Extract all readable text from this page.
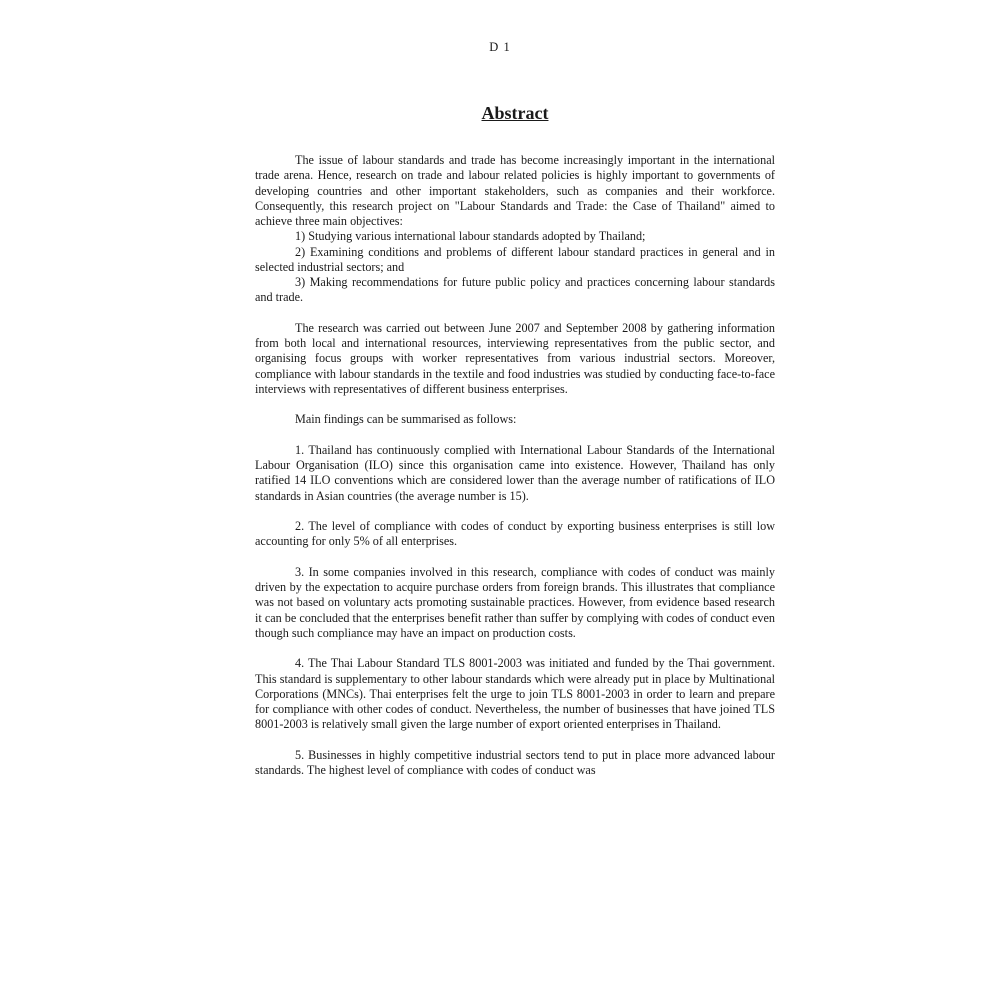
D 1

Abstract

The issue of labour standards and trade has become increasingly important in the international trade arena. Hence, research on trade and labour related policies is highly important to governments of developing countries and other important stakeholders, such as companies and their workforce. Consequently, this research project on "Labour Standards and Trade: the Case of Thailand" aimed to achieve three main objectives:

1) Studying various international labour standards adopted by Thailand;

2) Examining conditions and problems of different labour standard practices in general and in selected industrial sectors; and

3) Making recommendations for future public policy and practices concerning labour standards and trade.

The research was carried out between June 2007 and September 2008 by gathering information from both local and international resources, interviewing representatives from the public sector, and organising focus groups with worker representatives from various industrial sectors. Moreover, compliance with labour standards in the textile and food industries was studied by conducting face-to-face interviews with representatives of different business enterprises.

Main findings can be summarised as follows:

1. Thailand has continuously complied with International Labour Standards of the International Labour Organisation (ILO) since this organisation came into existence. However, Thailand has only ratified 14 ILO conventions which are considered lower than the average number of ratifications of ILO standards in Asian countries (the average number is 15).

2. The level of compliance with codes of conduct by exporting business enterprises is still low accounting for only 5% of all enterprises.

3. In some companies involved in this research, compliance with codes of conduct was mainly driven by the expectation to acquire purchase orders from foreign brands. This illustrates that compliance was not based on voluntary acts promoting sustainable practices. However, from evidence based research it can be concluded that the enterprises benefit rather than suffer by complying with codes of conduct even though such compliance may have an impact on production costs.

4. The Thai Labour Standard TLS 8001-2003 was initiated and funded by the Thai government. This standard is supplementary to other labour standards which were already put in place by Multinational Corporations (MNCs). Thai enterprises felt the urge to join TLS 8001-2003 in order to learn and prepare for compliance with other codes of conduct. Nevertheless, the number of businesses that have joined TLS 8001-2003 is relatively small given the large number of export oriented enterprises in Thailand.

5. Businesses in highly competitive industrial sectors tend to put in place more advanced labour standards. The highest level of compliance with codes of conduct was
